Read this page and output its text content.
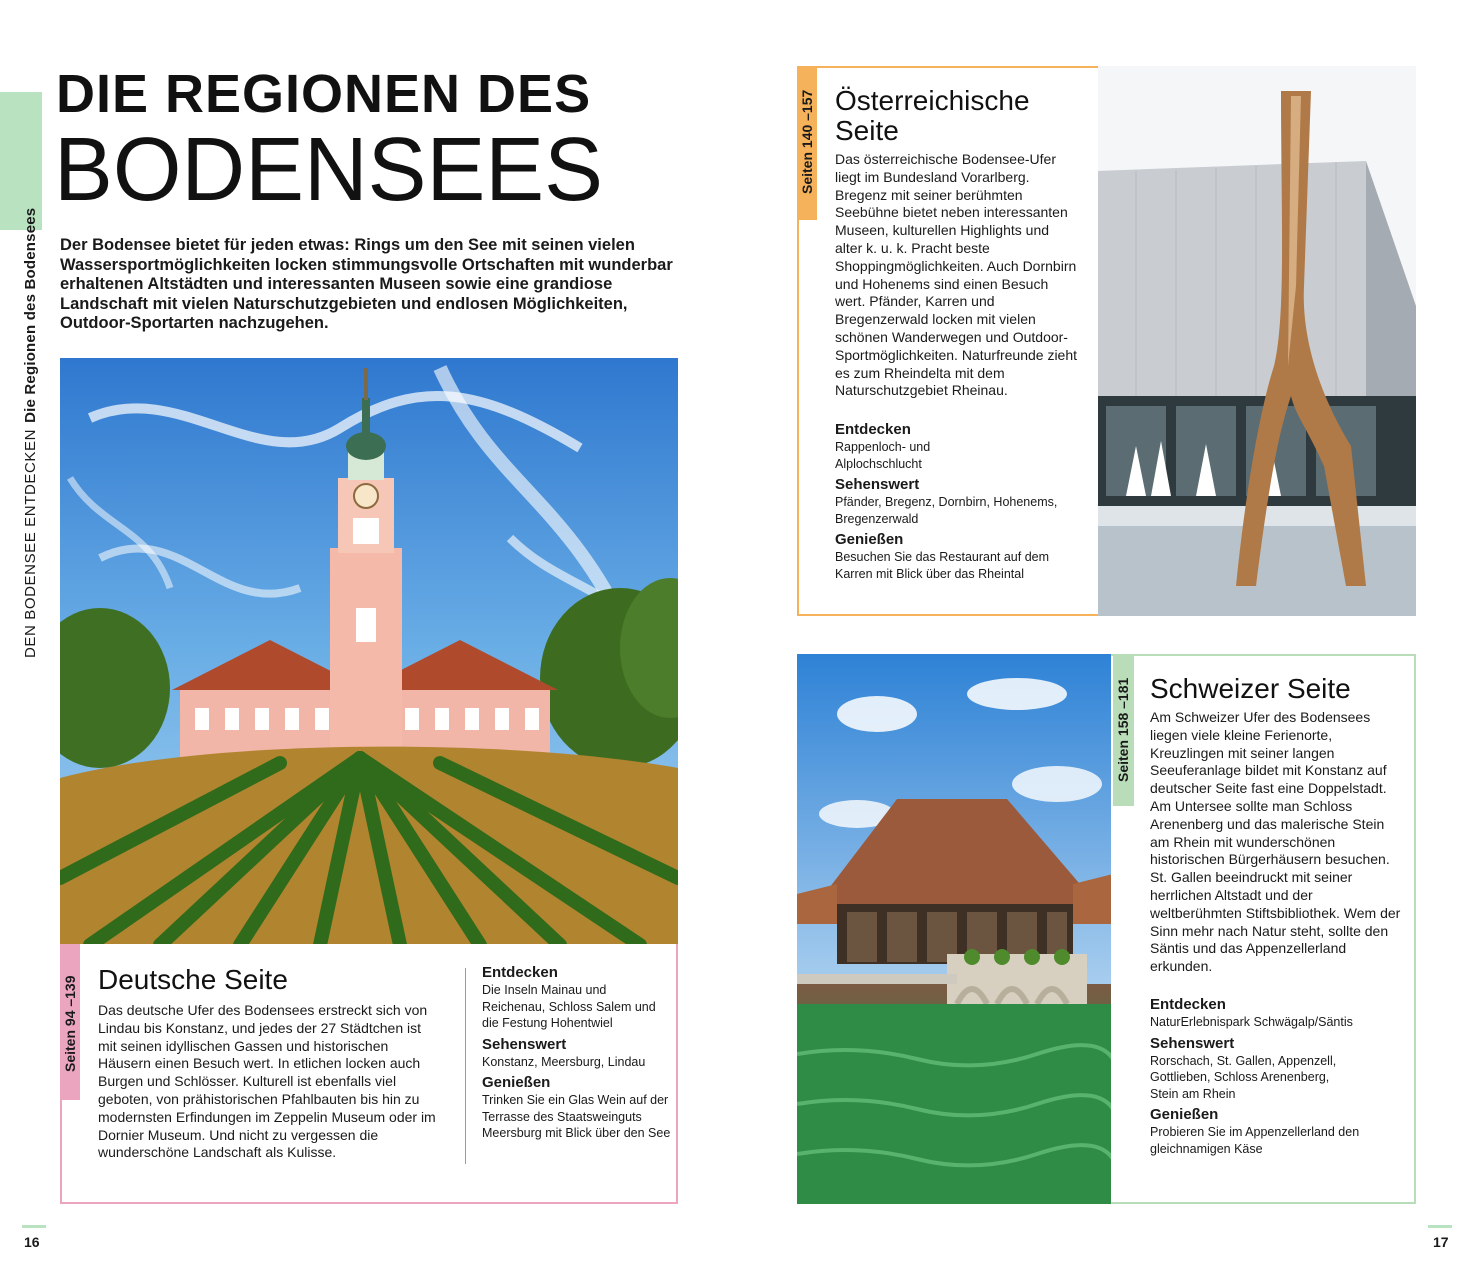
DEN BODENSEE ENTDECKENDie Regionen des Bodensees
DIE REGIONEN DES
BODENSEES

Der Bodensee bietet für jeden etwas: Rings um den See mit seinen vielen Wassersportmöglichkeiten locken stimmungsvolle Ortschaften mit wunderbar erhaltenen Altstädten und interessanten Museen sowie eine grandiose Landschaft mit vielen Naturschutzgebieten und endlosen Möglichkeiten, Outdoor-Sportarten nachzugehen.

Seiten 94 –139 Deutsche Seite

Das deutsche Ufer des Bodensees erstreckt sich von Lindau bis Konstanz, und jedes der 27 Städtchen ist mit seinen idyllischen Gassen und historischen Häusern einen Besuch wert. In etlichen locken auch Burgen und Schlösser. Kulturell ist ebenfalls viel geboten, von prähistorischen Pfahlbauten bis hin zu modernsten Erfindungen im Zeppelin Museum oder im Dornier Museum. Und nicht zu vergessen die wunderschöne Landschaft als Kulisse.

Entdecken
Die Inseln Mainau und Reichenau, Schloss Salem und die Festung Hohentwiel
Sehenswert
Konstanz, Meersburg, Lindau
Genießen
Trinken Sie ein Glas Wein auf der Terrasse des Staatsweinguts Meersburg mit Blick über den See
Seiten 140 –157 Österreichische
Seite

Das österreichische Bodensee-Ufer liegt im Bundesland Vorarlberg. Bregenz mit seiner berühmten Seebühne bietet neben interessanten Museen, kulturellen Highlights und alter k. u. k. Pracht beste Shoppingmöglichkeiten. Auch Dornbirn und Hohenems sind einen Besuch wert. Pfänder, Karren und Bregenzerwald locken mit vielen schönen Wanderwegen und Outdoor-Sportmöglichkeiten. Naturfreunde zieht es zum Rheindelta mit dem Naturschutzgebiet Rheinau.

Entdecken
Rappenloch- und Alplochschlucht
Sehenswert
Pfänder, Bregenz, Dornbirn, Hohenems, Bregenzerwald
Genießen
Besuchen Sie das Restaurant auf dem Karren mit Blick über das Rheintal
Seiten 158 –181 Schweizer Seite

Am Schweizer Ufer des Bodensees liegen viele kleine Ferienorte, Kreuzlingen mit seiner langen Seeuferanlage bildet mit Konstanz auf deutscher Seite fast eine Doppelstadt. Am Untersee sollte man Schloss Arenenberg und das malerische Stein am Rhein mit wunderschönen historischen Bürgerhäusern besuchen. St. Gallen beeindruckt mit seiner herrlichen Altstadt und der weltberühmten Stiftsbibliothek. Wem der Sinn mehr nach Natur steht, sollte den Säntis und das Appenzellerland erkunden.

Entdecken
NaturErlebnispark Schwägalp/Säntis
Sehenswert
Rorschach, St. Gallen, Appenzell, Gottlieben, Schloss Arenenberg, Stein am Rhein
Genießen
Probieren Sie im Appenzellerland den gleichnamigen Käse
16	17
